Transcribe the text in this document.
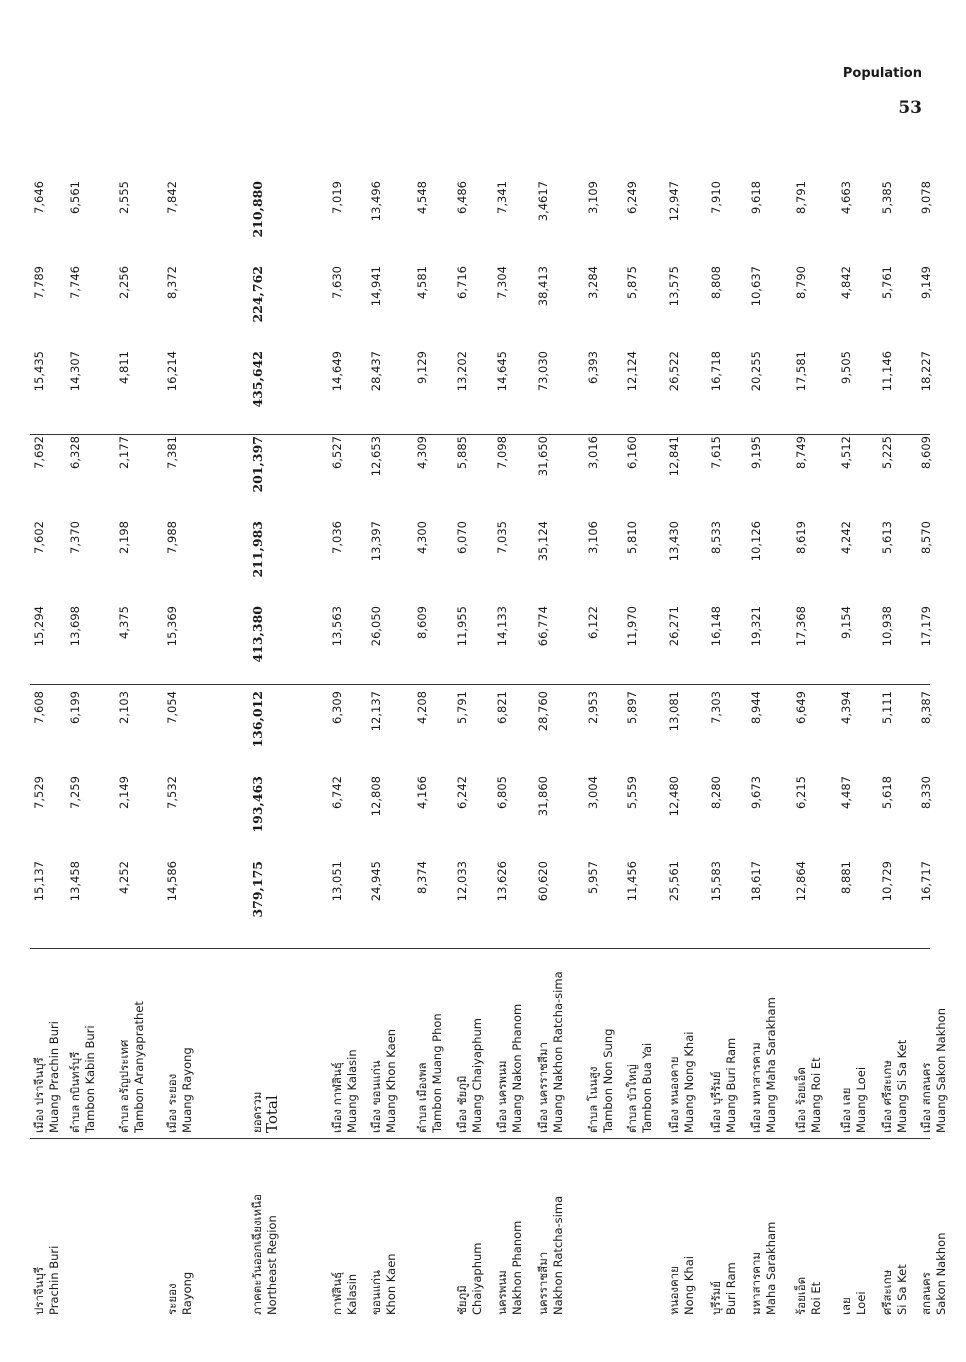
Population
53
ปราจีนบุรี Prachin Buri
เมือง ปราจีนบุรี Muang Prachin Buri
15,137
7,529
7,608
15,294
7,602
7,692
15,435
7,789
7,646
ตำบล กบินทร์บุรี Tambon Kabin Buri
13,458
7,259
6,199
13,698
7,370
6,328
14,307
7,746
6,561
ตำบล อรัญประเทศ Tambon Aranyaprathet
4,252
2,149
2,103
4,375
2,198
2,177
4,811
2,256
2,555
ระยอง Rayong
เมือง ระยอง Muang Rayong
14,586
7,532
7,054
15,369
7,988
7,381
16,214
8,372
7,842
ภาคตะวันออกเฉียงเหนือ Northeast Region
ยอดรวม Total
379,175
193,463
136,012
413,380
211,983
201,397
435,642
224,762
210,880
กาฬสินธุ์ Kalasin
เมือง กาฬสินธุ์ Muang Kalasin
13,051
6,742
6,309
13,563
7,036
6,527
14,649
7,630
7,019
ขอนแก่น Khon Kaen
เมือง ขอนแก่น Muang Khon Kaen
24,945
12,808
12,137
26,050
13,397
12,653
28,437
14,941
13,496
ตำบล เมืองพล Tambon Muang Phon
8,374
4,166
4,208
8,609
4,300
4,309
9,129
4,581
4,548
ชัยภูมิ Chaiyaphum
เมือง ชัยภูมิ Muang Chaiyaphum
12,033
6,242
5,791
11,955
6,070
5,885
13,202
6,716
6,486
นครพนม Nakhon Phanom
เมือง นครพนม Muang Nakon Phanom
13,626
6,805
6,821
14,133
7,035
7,098
14,645
7,304
7,341
นครราชสีมา Nakhon Ratcha-sima
เมือง นครราชสีมา Muang Nakhon Ratcha-sima
60,620
31,860
28,760
66,774
35,124
31,650
73,030
38,413
3,4617
ตำบล โนนสูง Tambon Non Sung
5,957
3,004
2,953
6,122
3,106
3,016
6,393
3,284
3,109
ตำบล บัวใหญ่ Tambon Bua Yai
11,456
5,559
5,897
11,970
5,810
6,160
12,124
5,875
6,249
หนองคาย Nong Khai
เมือง หนองคาย Muang Nong Khai
25,561
12,480
13,081
26,271
13,430
12,841
26,522
13,575
12,947
บุรีรัมย์ Buri Ram
เมือง บุรีรัมย์ Muang Buri Ram
15,583
8,280
7,303
16,148
8,533
7,615
16,718
8,808
7,910
มหาสารคาม Maha Sarakham
เมือง มหาสารคาม Muang Maha Sarakham
18,617
9,673
8,944
19,321
10,126
9,195
20,255
10,637
9,618
ร้อยเอ็ด Roi Et
เมือง ร้อยเอ็ด Muang Roi Et
12,864
6,215
6,649
17,368
8,619
8,749
17,581
8,790
8,791
เลย Loei
เมือง เลย Muang Loei
8,881
4,487
4,394
9,154
4,242
4,512
9,505
4,842
4,663
ศรีสะเกษ Si Sa Ket
เมือง ศรีสะเกษ Muang Si Sa Ket
10,729
5,618
5,111
10,938
5,613
5,225
11,146
5,761
5,385
สกลนคร Sakon Nakhon
เมือง สกลนคร Muang Sakon Nakhon
16,717
8,330
8,387
17,179
8,570
8,609
18,227
9,149
9,078
